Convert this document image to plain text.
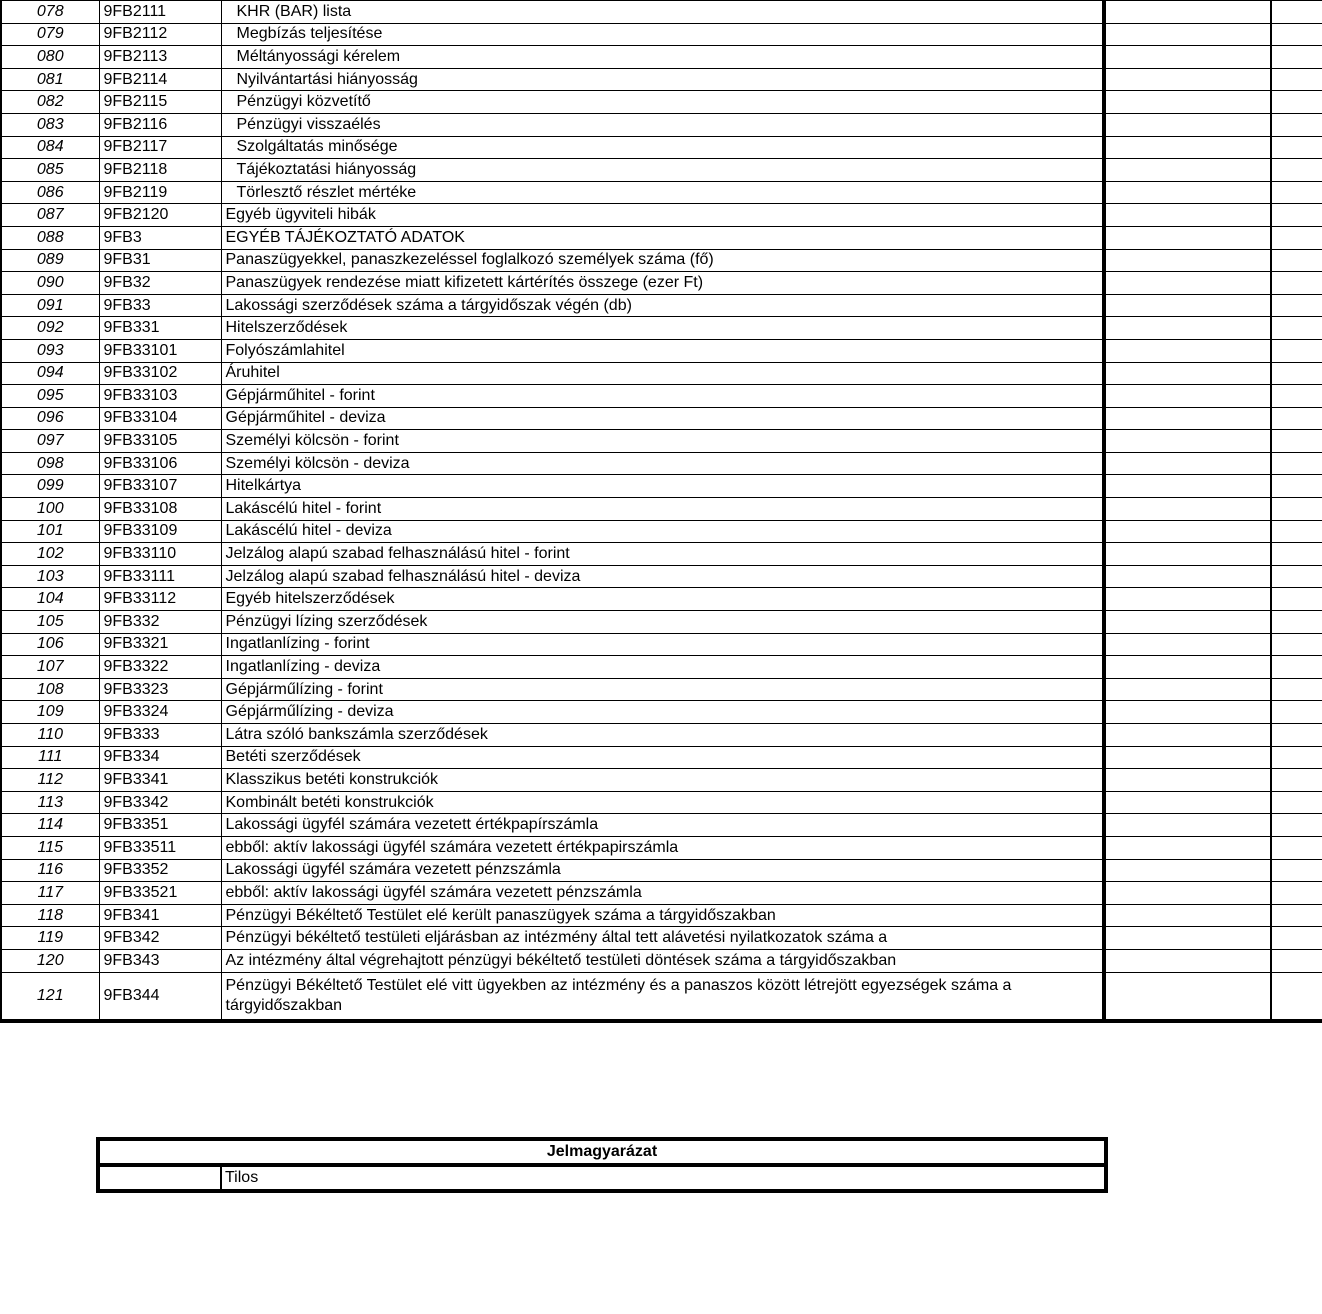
078	9FB2111	KHR (BAR) lista		
079	9FB2112	Megbízás teljesítése		
080	9FB2113	Méltányossági kérelem		
081	9FB2114	Nyilvántartási hiányosság		
082	9FB2115	Pénzügyi közvetítő		
083	9FB2116	Pénzügyi visszaélés		
084	9FB2117	Szolgáltatás minősége		
085	9FB2118	Tájékoztatási hiányosság		
086	9FB2119	Törlesztő részlet mértéke		
087	9FB2120	Egyéb ügyviteli hibák		
088	9FB3	EGYÉB TÁJÉKOZTATÓ ADATOK		
089	9FB31	Panaszügyekkel, panaszkezeléssel foglalkozó személyek száma (fő)		
090	9FB32	Panaszügyek rendezése miatt kifizetett kártérítés összege (ezer Ft)		
091	9FB33	Lakossági szerződések száma a tárgyidőszak végén (db)		
092	9FB331	Hitelszerződések		
093	9FB33101	Folyószámlahitel		
094	9FB33102	Áruhitel		
095	9FB33103	Gépjárműhitel - forint		
096	9FB33104	Gépjárműhitel - deviza		
097	9FB33105	Személyi kölcsön - forint		
098	9FB33106	Személyi kölcsön - deviza		
099	9FB33107	Hitelkártya		
100	9FB33108	Lakáscélú hitel - forint		
101	9FB33109	Lakáscélú hitel - deviza		
102	9FB33110	Jelzálog alapú szabad felhasználású hitel - forint		
103	9FB33111	Jelzálog alapú szabad felhasználású hitel - deviza		
104	9FB33112	Egyéb hitelszerződések		
105	9FB332	Pénzügyi lízing szerződések		
106	9FB3321	Ingatlanlízing - forint		
107	9FB3322	Ingatlanlízing - deviza		
108	9FB3323	Gépjárműlízing - forint		
109	9FB3324	Gépjárműlízing - deviza		
110	9FB333	Látra szóló bankszámla szerződések		
111	9FB334	Betéti szerződések		
112	9FB3341	Klasszikus betéti konstrukciók		
113	9FB3342	Kombinált betéti konstrukciók		
114	9FB3351	Lakossági ügyfél számára vezetett értékpapírszámla		
115	9FB33511	ebből: aktív lakossági ügyfél számára vezetett értékpapirszámla		
116	9FB3352	Lakossági ügyfél számára vezetett pénzszámla		
117	9FB33521	ebből: aktív lakossági ügyfél számára vezetett pénzszámla		
118	9FB341	Pénzügyi Békéltető Testület elé került panaszügyek száma a tárgyidőszakban		
119	9FB342	Pénzügyi békéltető testületi eljárásban az intézmény által tett alávetési nyilatkozatok száma a		
120	9FB343	Az intézmény által végrehajtott pénzügyi békéltető testületi döntések száma a tárgyidőszakban		
121	9FB344	Pénzügyi Békéltető Testület elé vitt ügyekben az intézmény és a panaszos között létrejött egyezségek száma a tárgyidőszakban		
Jelmagyarázat
	Tilos
